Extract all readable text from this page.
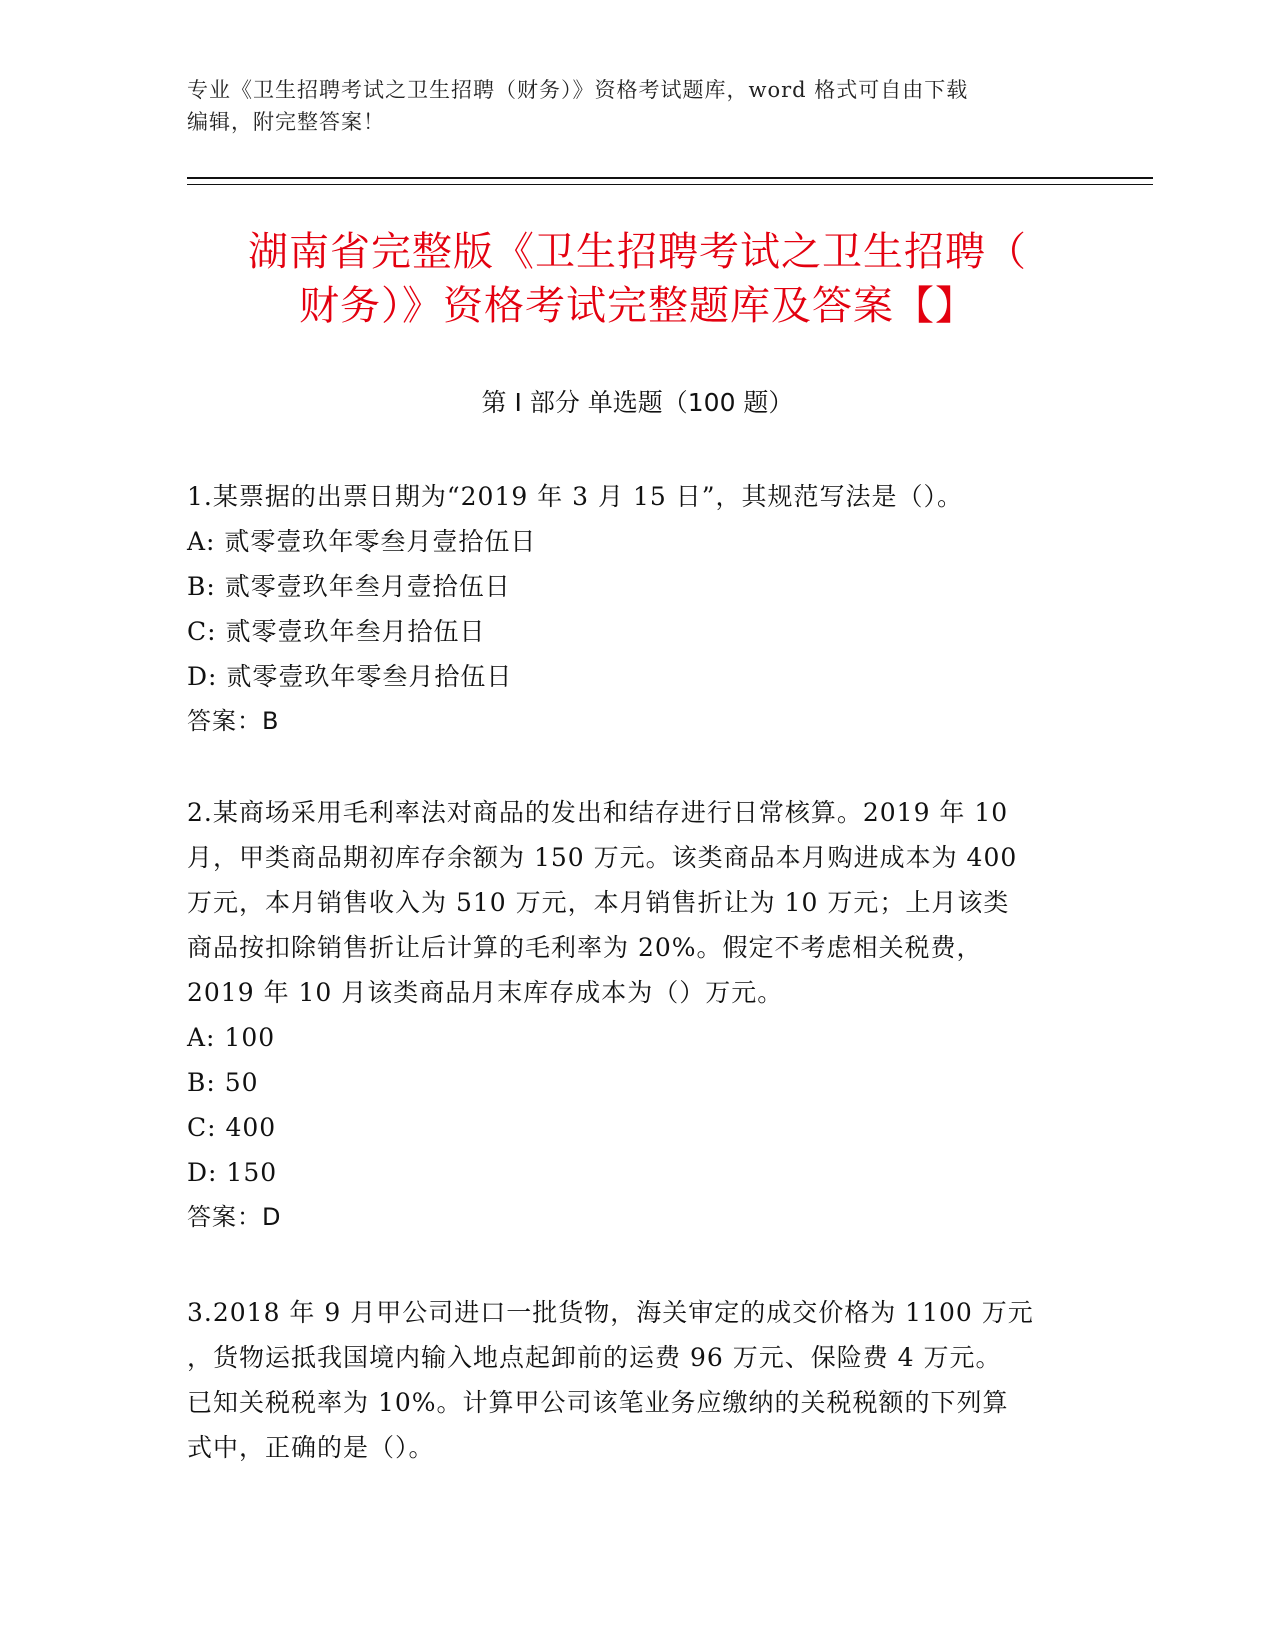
专业《卫生招聘考试之卫生招聘（财务）》资格考试题库，word 格式可自由下载
编辑，附完整答案！
湖南省完整版《卫生招聘考试之卫生招聘（
财务）》资格考试完整题库及答案【】
第 I 部分 单选题（100 题）
1.某票据的出票日期为“2019 年 3 月 15 日”，其规范写法是（）。
A: 贰零壹玖年零叁月壹拾伍日
B: 贰零壹玖年叁月壹拾伍日
C: 贰零壹玖年叁月拾伍日
D: 贰零壹玖年零叁月拾伍日
答案：B
2.某商场采用毛利率法对商品的发出和结存进行日常核算。2019 年 10
月，甲类商品期初库存余额为 150 万元。该类商品本月购进成本为 400
万元，本月销售收入为 510 万元，本月销售折让为 10 万元；上月该类
商品按扣除销售折让后计算的毛利率为 20%。假定不考虑相关税费，
2019 年 10 月该类商品月末库存成本为（）万元。
A: 100
B: 50
C: 400
D: 150
答案：D
3.2018 年 9 月甲公司进口一批货物，海关审定的成交价格为 1100 万元
，货物运抵我国境内输入地点起卸前的运费 96 万元、保险费 4 万元。
已知关税税率为 10%。计算甲公司该笔业务应缴纳的关税税额的下列算
式中，正确的是（）。
